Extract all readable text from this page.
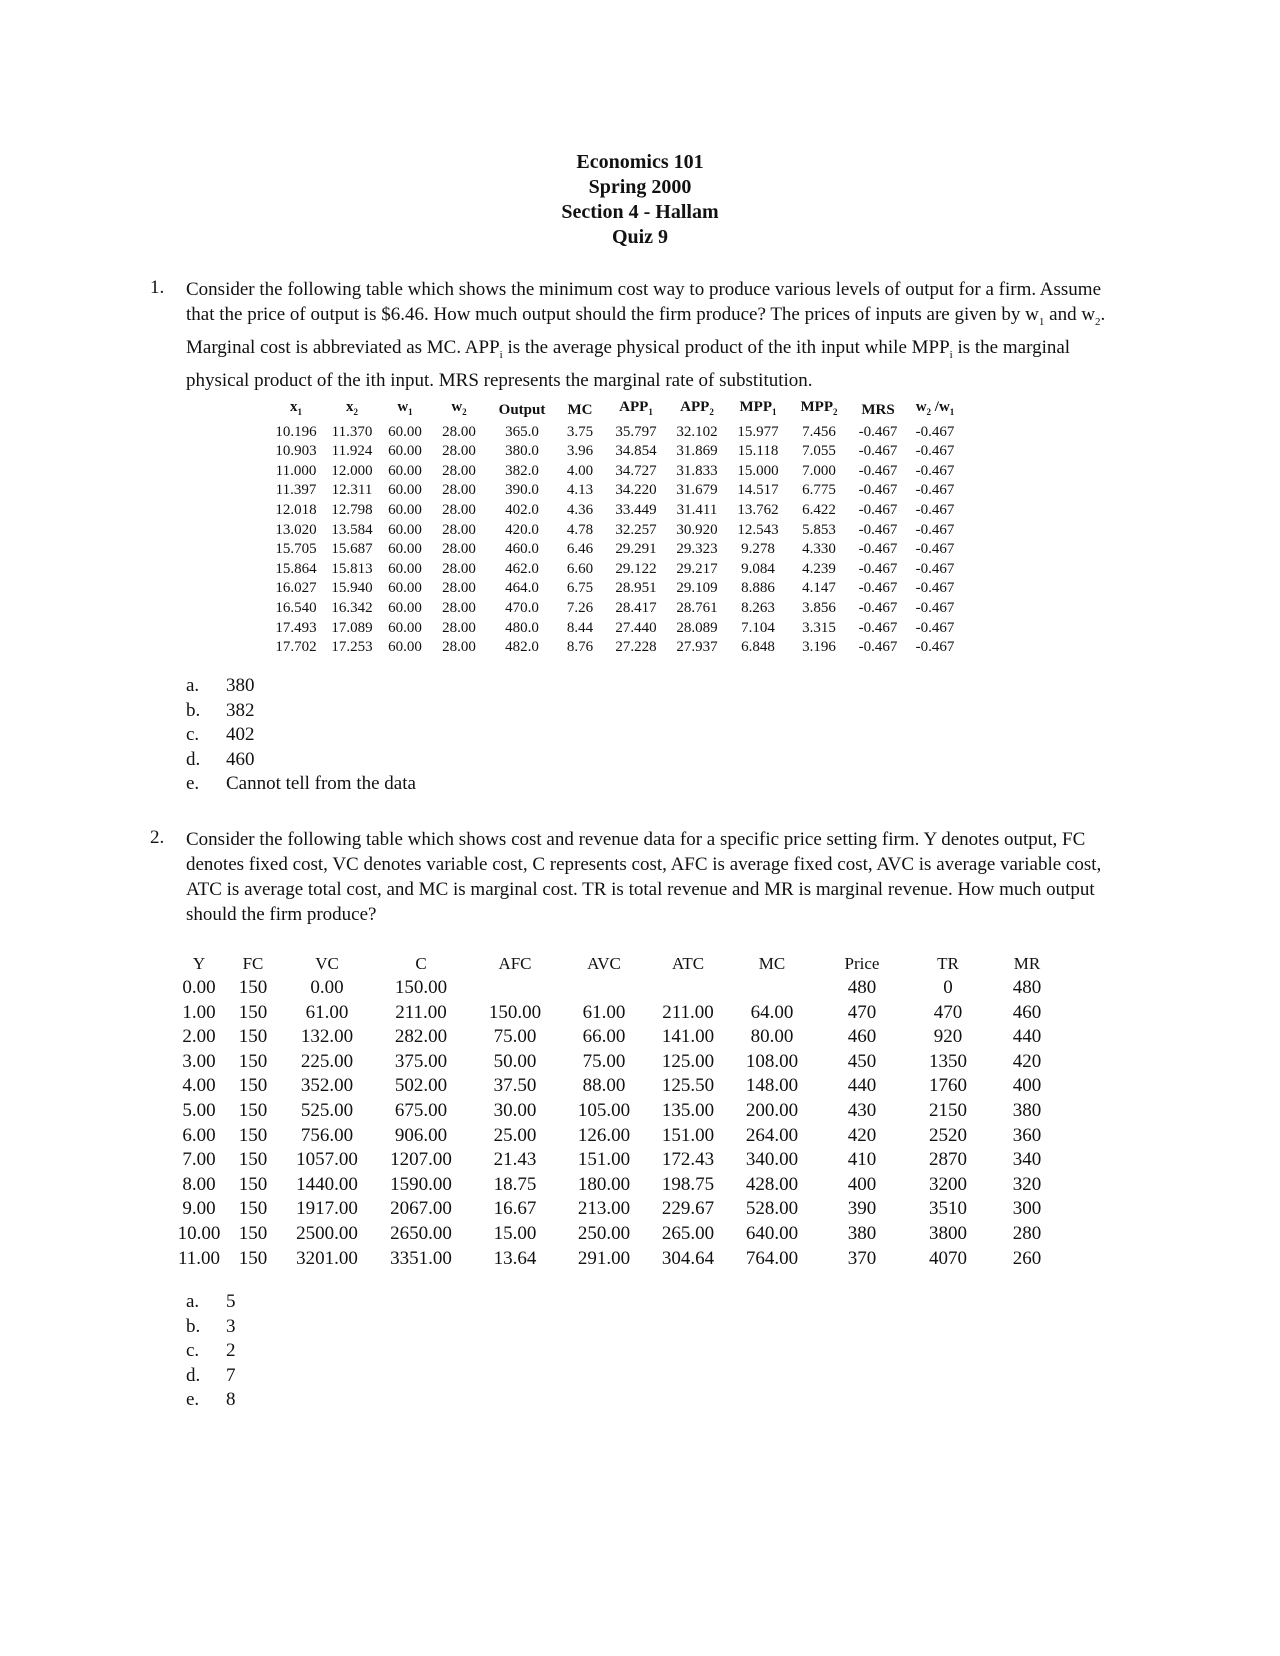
Economics 101
Spring 2000
Section 4 - Hallam
Quiz 9
1. Consider the following table which shows the minimum cost way to produce various levels of output for a firm. Assume that the price of output is $6.46. How much output should the firm produce? The prices of inputs are given by $w_1$ and $w_2$. Marginal cost is abbreviated as MC. $APP_i$ is the average physical product of the ith input while $MPP_i$ is the marginal physical product of the ith input. MRS represents the marginal rate of substitution.
$x_1$	$x_2$	$w_1$	$w_2$	Output	MC	$APP_1$	$APP_2$	$MPP_1$	$MPP_2$	MRS	$w_2$ $/w_1$
10.196	11.370	60.00	28.00	365.0	3.75	35.797	32.102	15.977	7.456	-0.467	-0.467
10.903	11.924	60.00	28.00	380.0	3.96	34.854	31.869	15.118	7.055	-0.467	-0.467
11.000	12.000	60.00	28.00	382.0	4.00	34.727	31.833	15.000	7.000	-0.467	-0.467
11.397	12.311	60.00	28.00	390.0	4.13	34.220	31.679	14.517	6.775	-0.467	-0.467
12.018	12.798	60.00	28.00	402.0	4.36	33.449	31.411	13.762	6.422	-0.467	-0.467
13.020	13.584	60.00	28.00	420.0	4.78	32.257	30.920	12.543	5.853	-0.467	-0.467
15.705	15.687	60.00	28.00	460.0	6.46	29.291	29.323	9.278	4.330	-0.467	-0.467
15.864	15.813	60.00	28.00	462.0	6.60	29.122	29.217	9.084	4.239	-0.467	-0.467
16.027	15.940	60.00	28.00	464.0	6.75	28.951	29.109	8.886	4.147	-0.467	-0.467
16.540	16.342	60.00	28.00	470.0	7.26	28.417	28.761	8.263	3.856	-0.467	-0.467
17.493	17.089	60.00	28.00	480.0	8.44	27.440	28.089	7.104	3.315	-0.467	-0.467
17.702	17.253	60.00	28.00	482.0	8.76	27.228	27.937	6.848	3.196	-0.467	-0.467
a.	380
b.	382
c.	402
d.	460
e.	Cannot tell from the data
2. Consider the following table which shows cost and revenue data for a specific price setting firm. Y denotes output, FC denotes fixed cost, VC denotes variable cost, C represents cost, AFC is average fixed cost, AVC is average variable cost, ATC is average total cost, and MC is marginal cost. TR is total revenue and MR is marginal revenue. How much output should the firm produce?
Y	FC	VC	C	AFC	AVC	ATC	MC	Price	TR	MR
0.00	150	0.00	150.00					480	0	480
1.00	150	61.00	211.00	150.00	61.00	211.00	64.00	470	470	460
2.00	150	132.00	282.00	75.00	66.00	141.00	80.00	460	920	440
3.00	150	225.00	375.00	50.00	75.00	125.00	108.00	450	1350	420
4.00	150	352.00	502.00	37.50	88.00	125.50	148.00	440	1760	400
5.00	150	525.00	675.00	30.00	105.00	135.00	200.00	430	2150	380
6.00	150	756.00	906.00	25.00	126.00	151.00	264.00	420	2520	360
7.00	150	1057.00	1207.00	21.43	151.00	172.43	340.00	410	2870	340
8.00	150	1440.00	1590.00	18.75	180.00	198.75	428.00	400	3200	320
9.00	150	1917.00	2067.00	16.67	213.00	229.67	528.00	390	3510	300
10.00	150	2500.00	2650.00	15.00	250.00	265.00	640.00	380	3800	280
11.00	150	3201.00	3351.00	13.64	291.00	304.64	764.00	370	4070	260
a.	5
b.	3
c.	2
d.	7
e.	8
